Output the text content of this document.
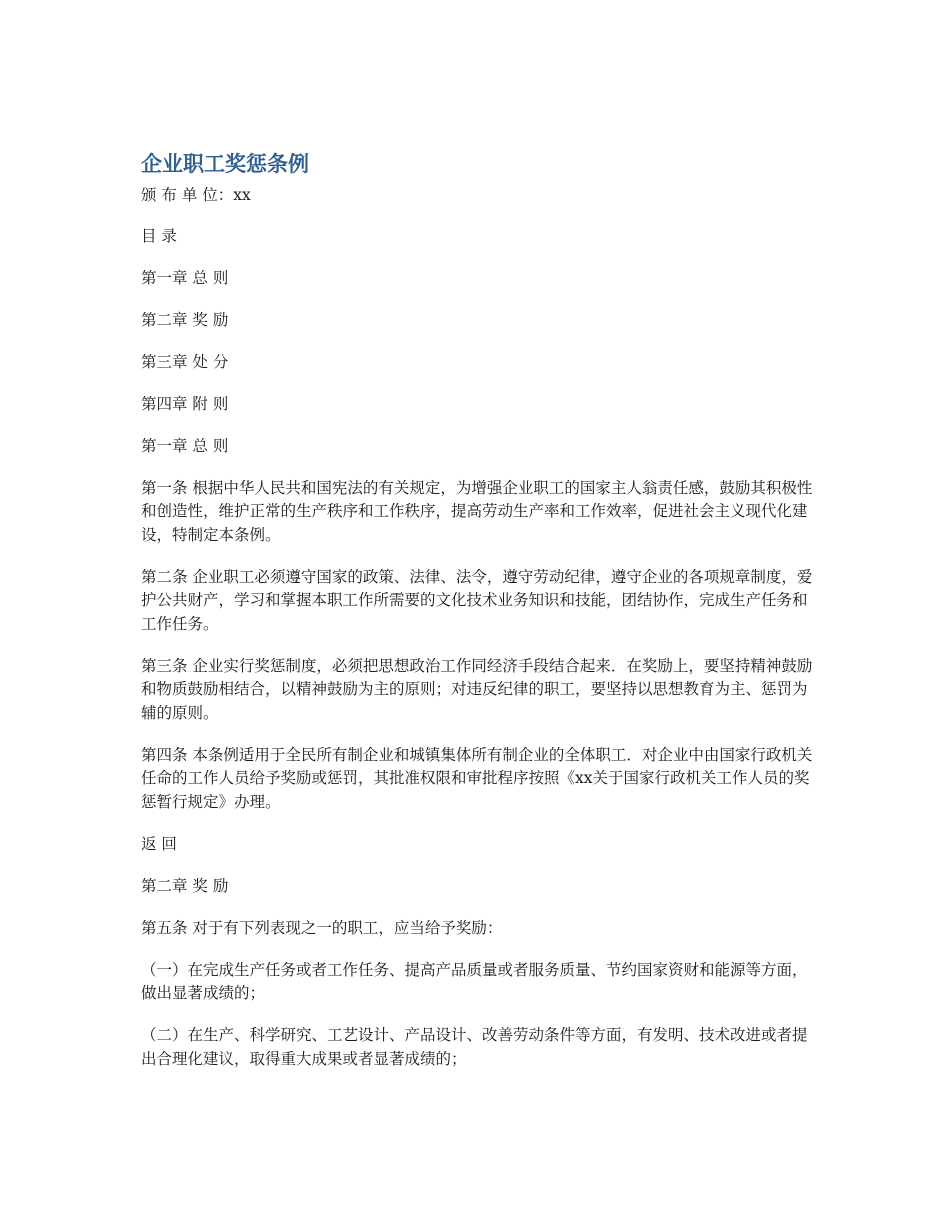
企业职工奖惩条例

颁 布 单 位：xx

目 录

第一章 总 则

第二章 奖 励

第三章 处 分

第四章 附 则

第一章 总 则

第一条 根据中华人民共和国宪法的有关规定，为增强企业职工的国家主人翁责任感，鼓励其积极性和创造性，维护正常的生产秩序和工作秩序，提高劳动生产率和工作效率，促进社会主义现代化建设，特制定本条例。

第二条 企业职工必须遵守国家的政策、法律、法令，遵守劳动纪律，遵守企业的各项规章制度，爱护公共财产，学习和掌握本职工作所需要的文化技术业务知识和技能，团结协作，完成生产任务和工作任务。

第三条 企业实行奖惩制度，必须把思想政治工作同经济手段结合起来．在奖励上，要坚持精神鼓励和物质鼓励相结合，以精神鼓励为主的原则；对违反纪律的职工，要坚持以思想教育为主、惩罚为辅的原则。

第四条 本条例适用于全民所有制企业和城镇集体所有制企业的全体职工．对企业中由国家行政机关任命的工作人员给予奖励或惩罚，其批准权限和审批程序按照《xx关于国家行政机关工作人员的奖惩暂行规定》办理。

返 回

第二章 奖 励

第五条 对于有下列表现之一的职工，应当给予奖励：

（一）在完成生产任务或者工作任务、提高产品质量或者服务质量、节约国家资财和能源等方面，做出显著成绩的；

（二）在生产、科学研究、工艺设计、产品设计、改善劳动条件等方面，有发明、技术改进或者提出合理化建议，取得重大成果或者显著成绩的；
